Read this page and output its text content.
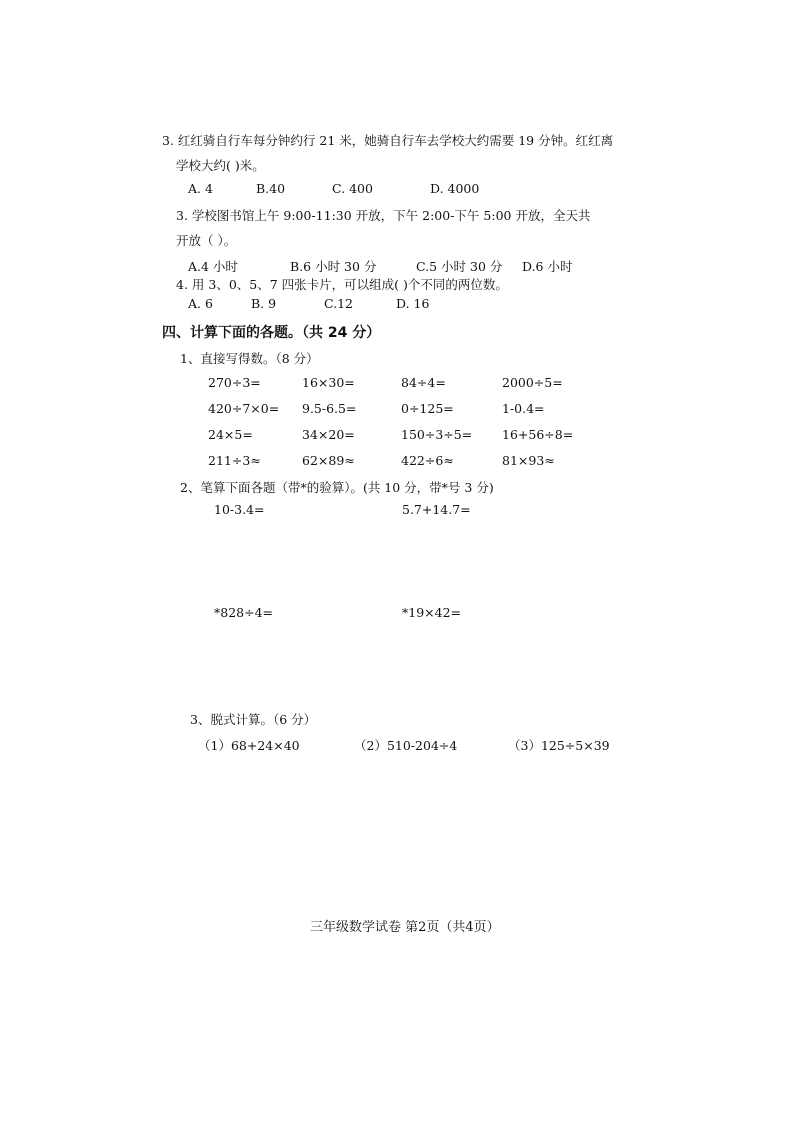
3. 红红骑自行车每分钟约行 21 米，她骑自行车去学校大约需要 19 分钟。红红离
学校大约( )米。
A. 4	B.40	C. 400	D. 4000
3. 学校图书馆上午 9:00-11:30 开放，下午 2:00-下午 5:00 开放，全天共
开放（ ）。
A.4 小时	B.6 小时 30 分	C.5 小时 30 分 D.6 小时
4. 用 3、0、5、7 四张卡片，可以组成( )个不同的两位数。
A. 6	B. 9	C.12	D. 16
四、计算下面的各题。（共 24 分）
1、直接写得数。（8 分）
270÷3=	16×30=	84÷4=	2000÷5=
420÷7×0= 9.5-6.5=	0÷125=	1-0.4=
24×5=	34×20=	150÷3÷5= 16+56÷8=
211÷3≈	62×89≈	422÷6≈	81×93≈
2、笔算下面各题（带*的验算）。(共 10 分，带*号 3 分)
10-3.4=	5.7+14.7=
*828÷4=	*19×42=
3、脱式计算。（6 分）
（1）68+24×40	（2）510-204÷4	（3）125÷5×39
三年级数学试卷 第2页（共4页）
